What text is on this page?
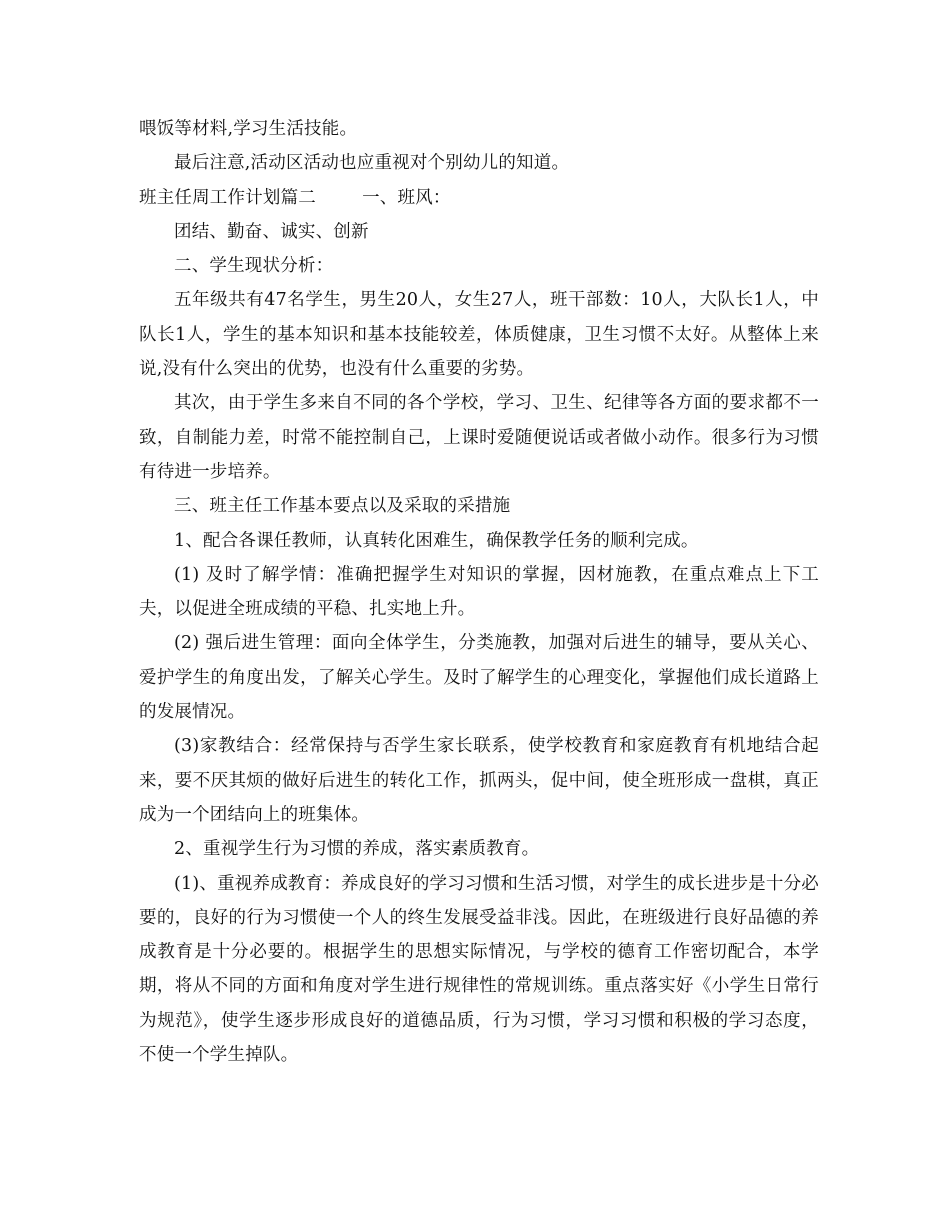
喂饭等材料,学习生活技能。

最后注意,活动区活动也应重视对个别幼儿的知道。

班主任周工作计划篇二        一、班风：

团结、勤奋、诚实、创新

二、学生现状分析：

五年级共有47名学生，男生20人，女生27人，班干部数：10人，大队长1人，中队长1人，学生的基本知识和基本技能较差，体质健康，卫生习惯不太好。从整体上来说,没有什么突出的优势，也没有什么重要的劣势。

其次，由于学生多来自不同的各个学校，学习、卫生、纪律等各方面的要求都不一致，自制能力差，时常不能控制自己，上课时爱随便说话或者做小动作。很多行为习惯有待进一步培养。

三、班主任工作基本要点以及采取的采措施

1、配合各课任教师，认真转化困难生，确保教学任务的顺利完成。

(1) 及时了解学情：准确把握学生对知识的掌握，因材施教，在重点难点上下工夫，以促进全班成绩的平稳、扎实地上升。

(2) 强后进生管理：面向全体学生，分类施教，加强对后进生的辅导，要从关心、爱护学生的角度出发，了解关心学生。及时了解学生的心理变化，掌握他们成长道路上的发展情况。

(3)家教结合：经常保持与否学生家长联系，使学校教育和家庭教育有机地结合起来，要不厌其烦的做好后进生的转化工作，抓两头，促中间，使全班形成一盘棋，真正成为一个团结向上的班集体。

2、重视学生行为习惯的养成，落实素质教育。

(1)、重视养成教育：养成良好的学习习惯和生活习惯，对学生的成长进步是十分必要的，良好的行为习惯使一个人的终生发展受益非浅。因此，在班级进行良好品德的养成教育是十分必要的。根据学生的思想实际情况，与学校的德育工作密切配合，本学期，将从不同的方面和角度对学生进行规律性的常规训练。重点落实好《小学生日常行为规范》，使学生逐步形成良好的道德品质，行为习惯，学习习惯和积极的学习态度，不使一个学生掉队。
